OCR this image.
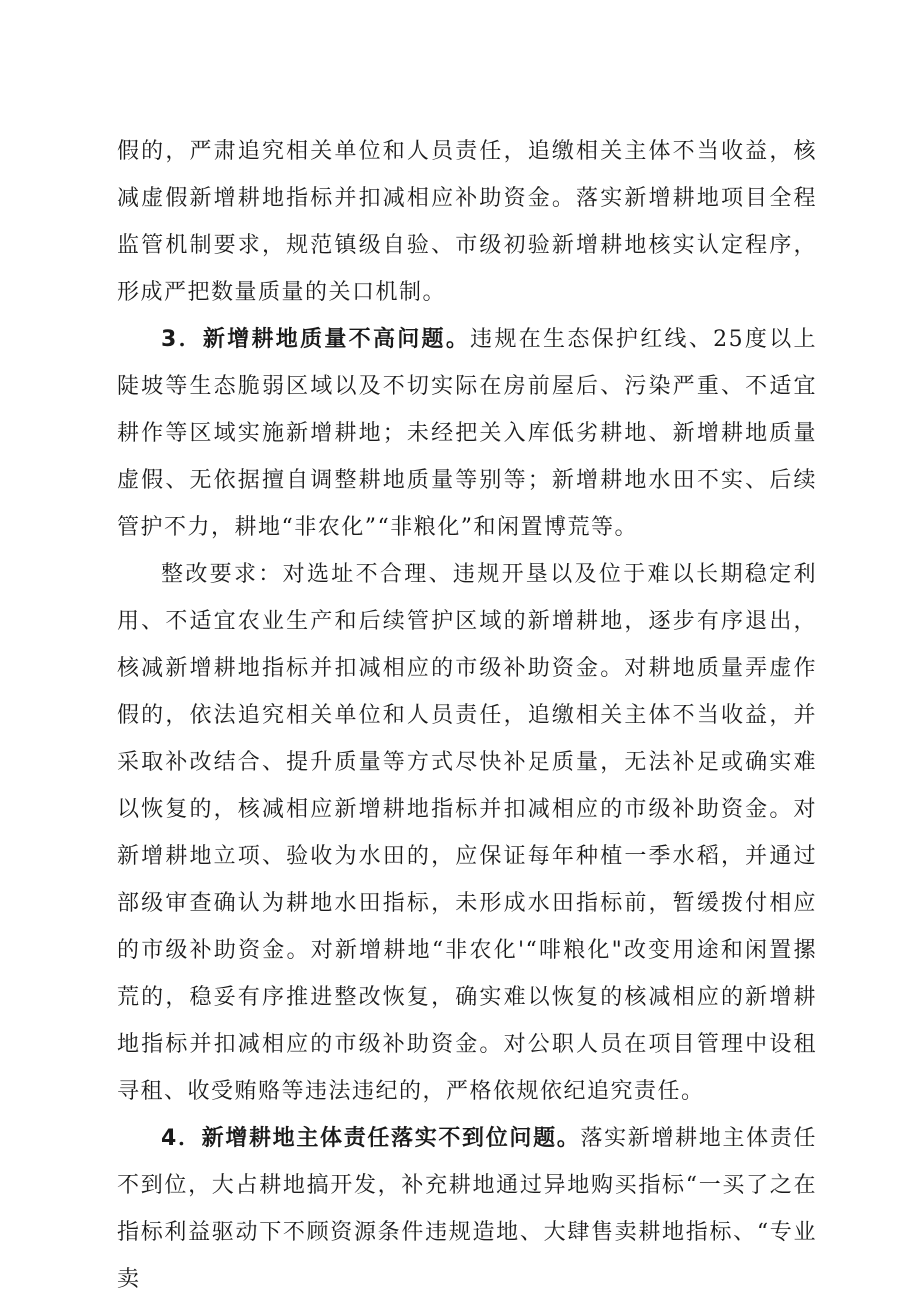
假的，严肃追究相关单位和人员责任，追缴相关主体不当收益，核减虚假新增耕地指标并扣减相应补助资金。落实新增耕地项目全程监管机制要求，规范镇级自验、市级初验新增耕地核实认定程序，形成严把数量质量的关口机制。

3．新增耕地质量不高问题。违规在生态保护红线、25度以上陡坡等生态脆弱区域以及不切实际在房前屋后、污染严重、不适宜耕作等区域实施新增耕地；未经把关入库低劣耕地、新增耕地质量虚假、无依据擅自调整耕地质量等别等；新增耕地水田不实、后续管护不力，耕地“非农化”“非粮化”和闲置博荒等。

整改要求：对选址不合理、违规开垦以及位于难以长期稳定利用、不适宜农业生产和后续管护区域的新增耕地，逐步有序退出，核减新增耕地指标并扣减相应的市级补助资金。对耕地质量弄虚作假的，依法追究相关单位和人员责任，追缴相关主体不当收益，并采取补改结合、提升质量等方式尽快补足质量，无法补足或确实难以恢复的，核减相应新增耕地指标并扣减相应的市级补助资金。对新增耕地立项、验收为水田的，应保证每年种植一季水稻，并通过部级审查确认为耕地水田指标，未形成水田指标前，暂缓拨付相应的市级补助资金。对新增耕地“非农化'“啡粮化"改变用途和闲置摞荒的，稳妥有序推进整改恢复，确实难以恢复的核减相应的新增耕地指标并扣减相应的市级补助资金。对公职人员在项目管理中设租寻租、收受贿赂等违法违纪的，严格依规依纪追究责任。

4．新增耕地主体责任落实不到位问题。落实新增耕地主体责任不到位，大占耕地搞开发，补充耕地通过异地购买指标“一买了之在指标利益驱动下不顾资源条件违规造地、大肆售卖耕地指标、“专业卖
